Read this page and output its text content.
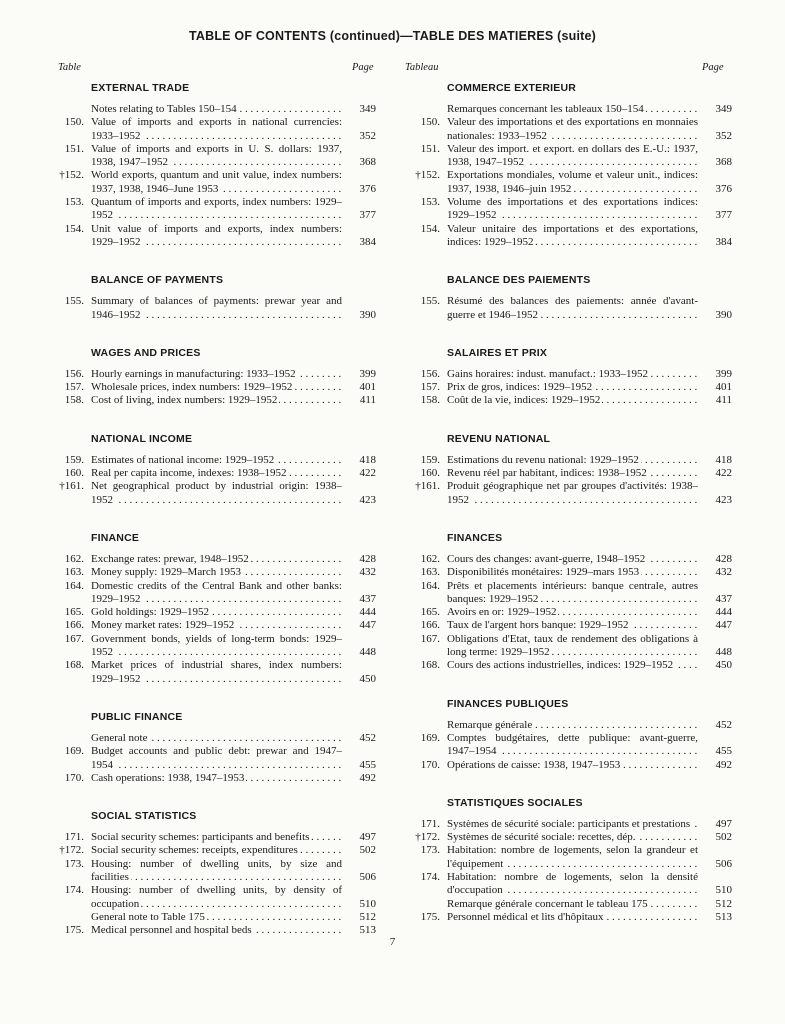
TABLE OF CONTENTS (continued)—TABLE DES MATIERES (suite)
Table	Page	Tableau	Page
EXTERNAL TRADE
Notes relating to Tables 150–154 . . .	349
150. Value of imports and exports in national currencies: 1933–1952 . . .	352
151. Value of imports and exports in U. S. dollars: 1937, 1938, 1947–1952 . . .	368
†152. World exports, quantum and unit value, index numbers: 1937, 1938, 1946–June 1953 . . .	376
153. Quantum of imports and exports, index numbers: 1929–1952 . . .	377
154. Unit value of imports and exports, index numbers: 1929–1952 . . .	384
BALANCE OF PAYMENTS
155. Summary of balances of payments: prewar year and 1946–1952 . . .	390
WAGES AND PRICES
156. Hourly earnings in manufacturing: 1933–1952 . . .	399
157. Wholesale prices, index numbers: 1929–1952 . . .	401
158. Cost of living, index numbers: 1929–1952 . . .	411
NATIONAL INCOME
159. Estimates of national income: 1929–1952 . . .	418
160. Real per capita income, indexes: 1938–1952 . . .	422
†161. Net geographical product by industrial origin: 1938–1952 . . .	423
FINANCE
162. Exchange rates: prewar, 1948–1952 . . .	428
163. Money supply: 1929–March 1953 . . .	432
164. Domestic credits of the Central Bank and other banks: 1929–1952 . . .	437
165. Gold holdings: 1929–1952 . . .	444
166. Money market rates: 1929–1952 . . .	447
167. Government bonds, yields of long-term bonds: 1929–1952 . . .	448
168. Market prices of industrial shares, index numbers: 1929–1952 . . .	450
PUBLIC FINANCE
General note . . .	452
169. Budget accounts and public debt: prewar and 1947–1954 . . .	455
170. Cash operations: 1938, 1947–1953 . . .	492
SOCIAL STATISTICS
171. Social security schemes: participants and benefits . . .	497
†172. Social security schemes: receipts, expenditures . . .	502
173. Housing: number of dwelling units, by size and facilities . . .	506
174. Housing: number of dwelling units, by density of occupation . . .	510
General note to Table 175 . . .	512
175. Medical personnel and hospital beds . . .	513
COMMERCE EXTERIEUR
Remarques concernant les tableaux 150–154 . . .	349
150. Valeur des importations et des exportations en monnaies nationales: 1933–1952 . . .	352
151. Valeur des import. et export. en dollars des E.-U.: 1937, 1938, 1947–1952 . . .	368
†152. Exportations mondiales, volume et valeur unit., indices: 1937, 1938, 1946–juin 1952 . . .	376
153. Volume des importations et des exportations indices: 1929–1952 . . .	377
154. Valeur unitaire des importations et des exportations, indices: 1929–1952 . . .	384
BALANCE DES PAIEMENTS
155. Résumé des balances des paiements: année d'avant-guerre et 1946–1952 . . .	390
SALAIRES ET PRIX
156. Gains horaires: indust. manufact.: 1933–1952 . . .	399
157. Prix de gros, indices: 1929–1952 . . .	401
158. Coût de la vie, indices: 1929–1952 . . .	411
REVENU NATIONAL
159. Estimations du revenu national: 1929–1952 . . .	418
160. Revenu réel par habitant, indices: 1938–1952 . . .	422
†161. Produit géographique net par groupes d'activités: 1938–1952 . . .	423
FINANCES
162. Cours des changes: avant-guerre, 1948–1952 . . .	428
163. Disponibilités monétaires: 1929–mars 1953 . . .	432
164. Prêts et placements intérieurs: banque centrale, autres banques: 1929–1952 . . .	437
165. Avoirs en or: 1929–1952 . . .	444
166. Taux de l'argent hors banque: 1929–1952 . . .	447
167. Obligations d'Etat, taux de rendement des obligations à long terme: 1929–1952 . . .	448
168. Cours des actions industrielles, indices: 1929–1952 . . .	450
FINANCES PUBLIQUES
Remarque générale . . .	452
169. Comptes budgétaires, dette publique: avant-guerre, 1947–1954 . . .	455
170. Opérations de caisse: 1938, 1947–1953 . . .	492
STATISTIQUES SOCIALES
171. Systèmes de sécurité sociale: participants et prestations . . .	497
†172. Systèmes de sécurité sociale: recettes, dép. . . .	502
173. Habitation: nombre de logements, selon la grandeur et l'équipement . . .	506
174. Habitation: nombre de logements, selon la densité d'occupation . . .	510
Remarque générale concernant le tableau 175 . . .	512
175. Personnel médical et lits d'hôpitaux . . .	513
7
